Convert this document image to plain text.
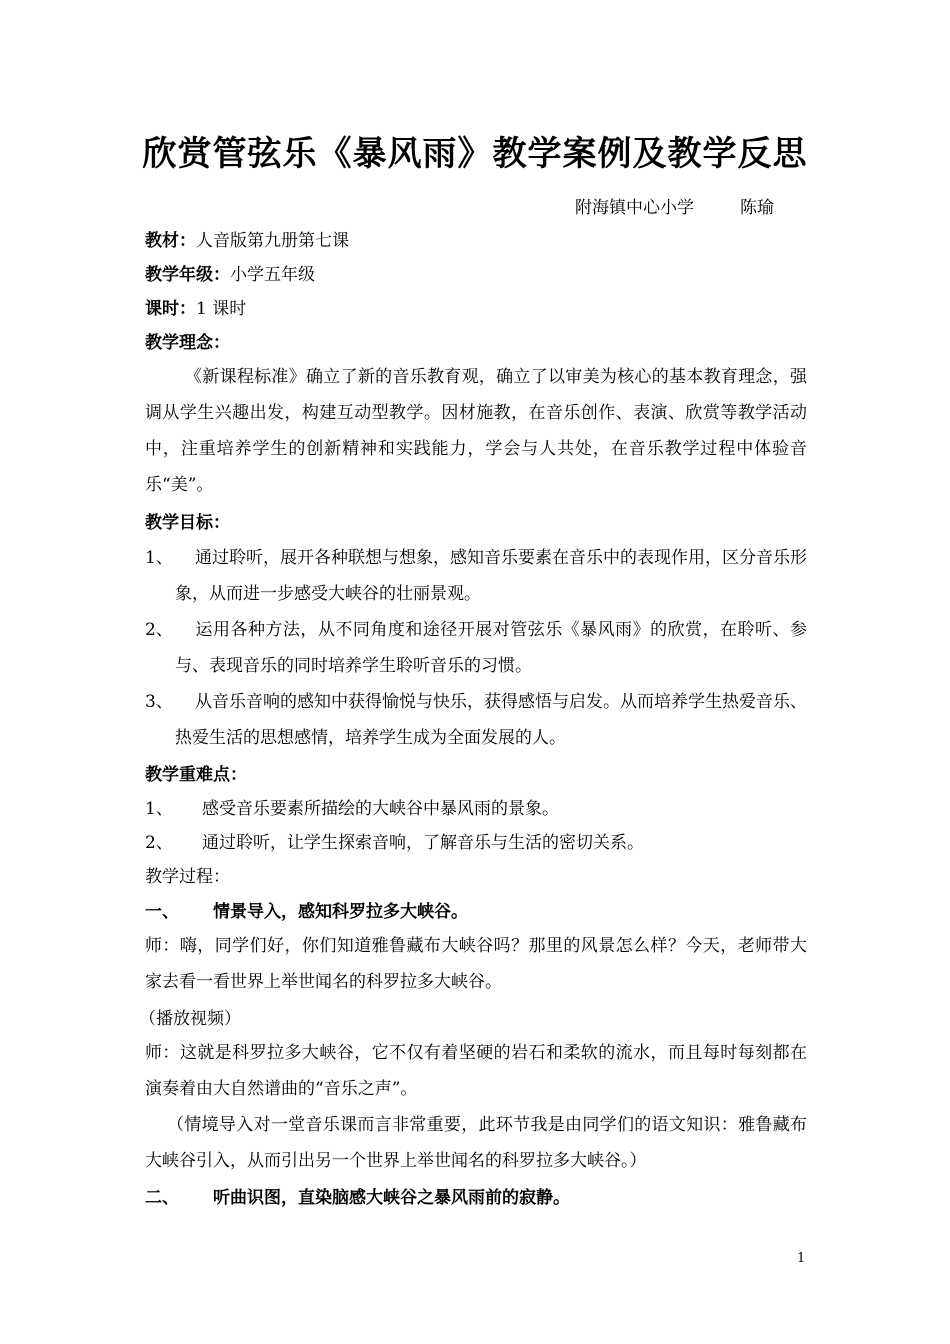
欣赏管弦乐《暴风雨》教学案例及教学反思
附海镇中心小学	陈瑜
教材：人音版第九册第七课
教学年级：小学五年级
课时：1 课时
教学理念：

《新课程标准》确立了新的音乐教育观，确立了以审美为核心的基本教育理念，强调从学生兴趣出发，构建互动型教学。因材施教，在音乐创作、表演、欣赏等教学活动中，注重培养学生的创新精神和实践能力，学会与人共处，在音乐教学过程中体验音乐“美”。

教学目标：
1、	通过聆听，展开各种联想与想象，感知音乐要素在音乐中的表现作用，区分音乐形象，从而进一步感受大峡谷的壮丽景观。
2、	运用各种方法，从不同角度和途径开展对管弦乐《暴风雨》的欣赏，在聆听、参与、表现音乐的同时培养学生聆听音乐的习惯。
3、	从音乐音响的感知中获得愉悦与快乐，获得感悟与启发。从而培养学生热爱音乐、热爱生活的思想感情，培养学生成为全面发展的人。
教学重难点：
1、	感受音乐要素所描绘的大峡谷中暴风雨的景象。
2、	通过聆听，让学生探索音响，了解音乐与生活的密切关系。
教学过程：
一、 情景导入，感知科罗拉多大峡谷。

师：嗨，同学们好，你们知道雅鲁藏布大峡谷吗？那里的风景怎么样？今天，老师带大家去看一看世界上举世闻名的科罗拉多大峡谷。

（播放视频）

师：这就是科罗拉多大峡谷，它不仅有着坚硬的岩石和柔软的流水，而且每时每刻都在演奏着由大自然谱曲的“音乐之声”。

（情境导入对一堂音乐课而言非常重要，此环节我是由同学们的语文知识：雅鲁藏布大峡谷引入，从而引出另一个世界上举世闻名的科罗拉多大峡谷。）

二、 听曲识图，直染脑感大峡谷之暴风雨前的寂静。
1
